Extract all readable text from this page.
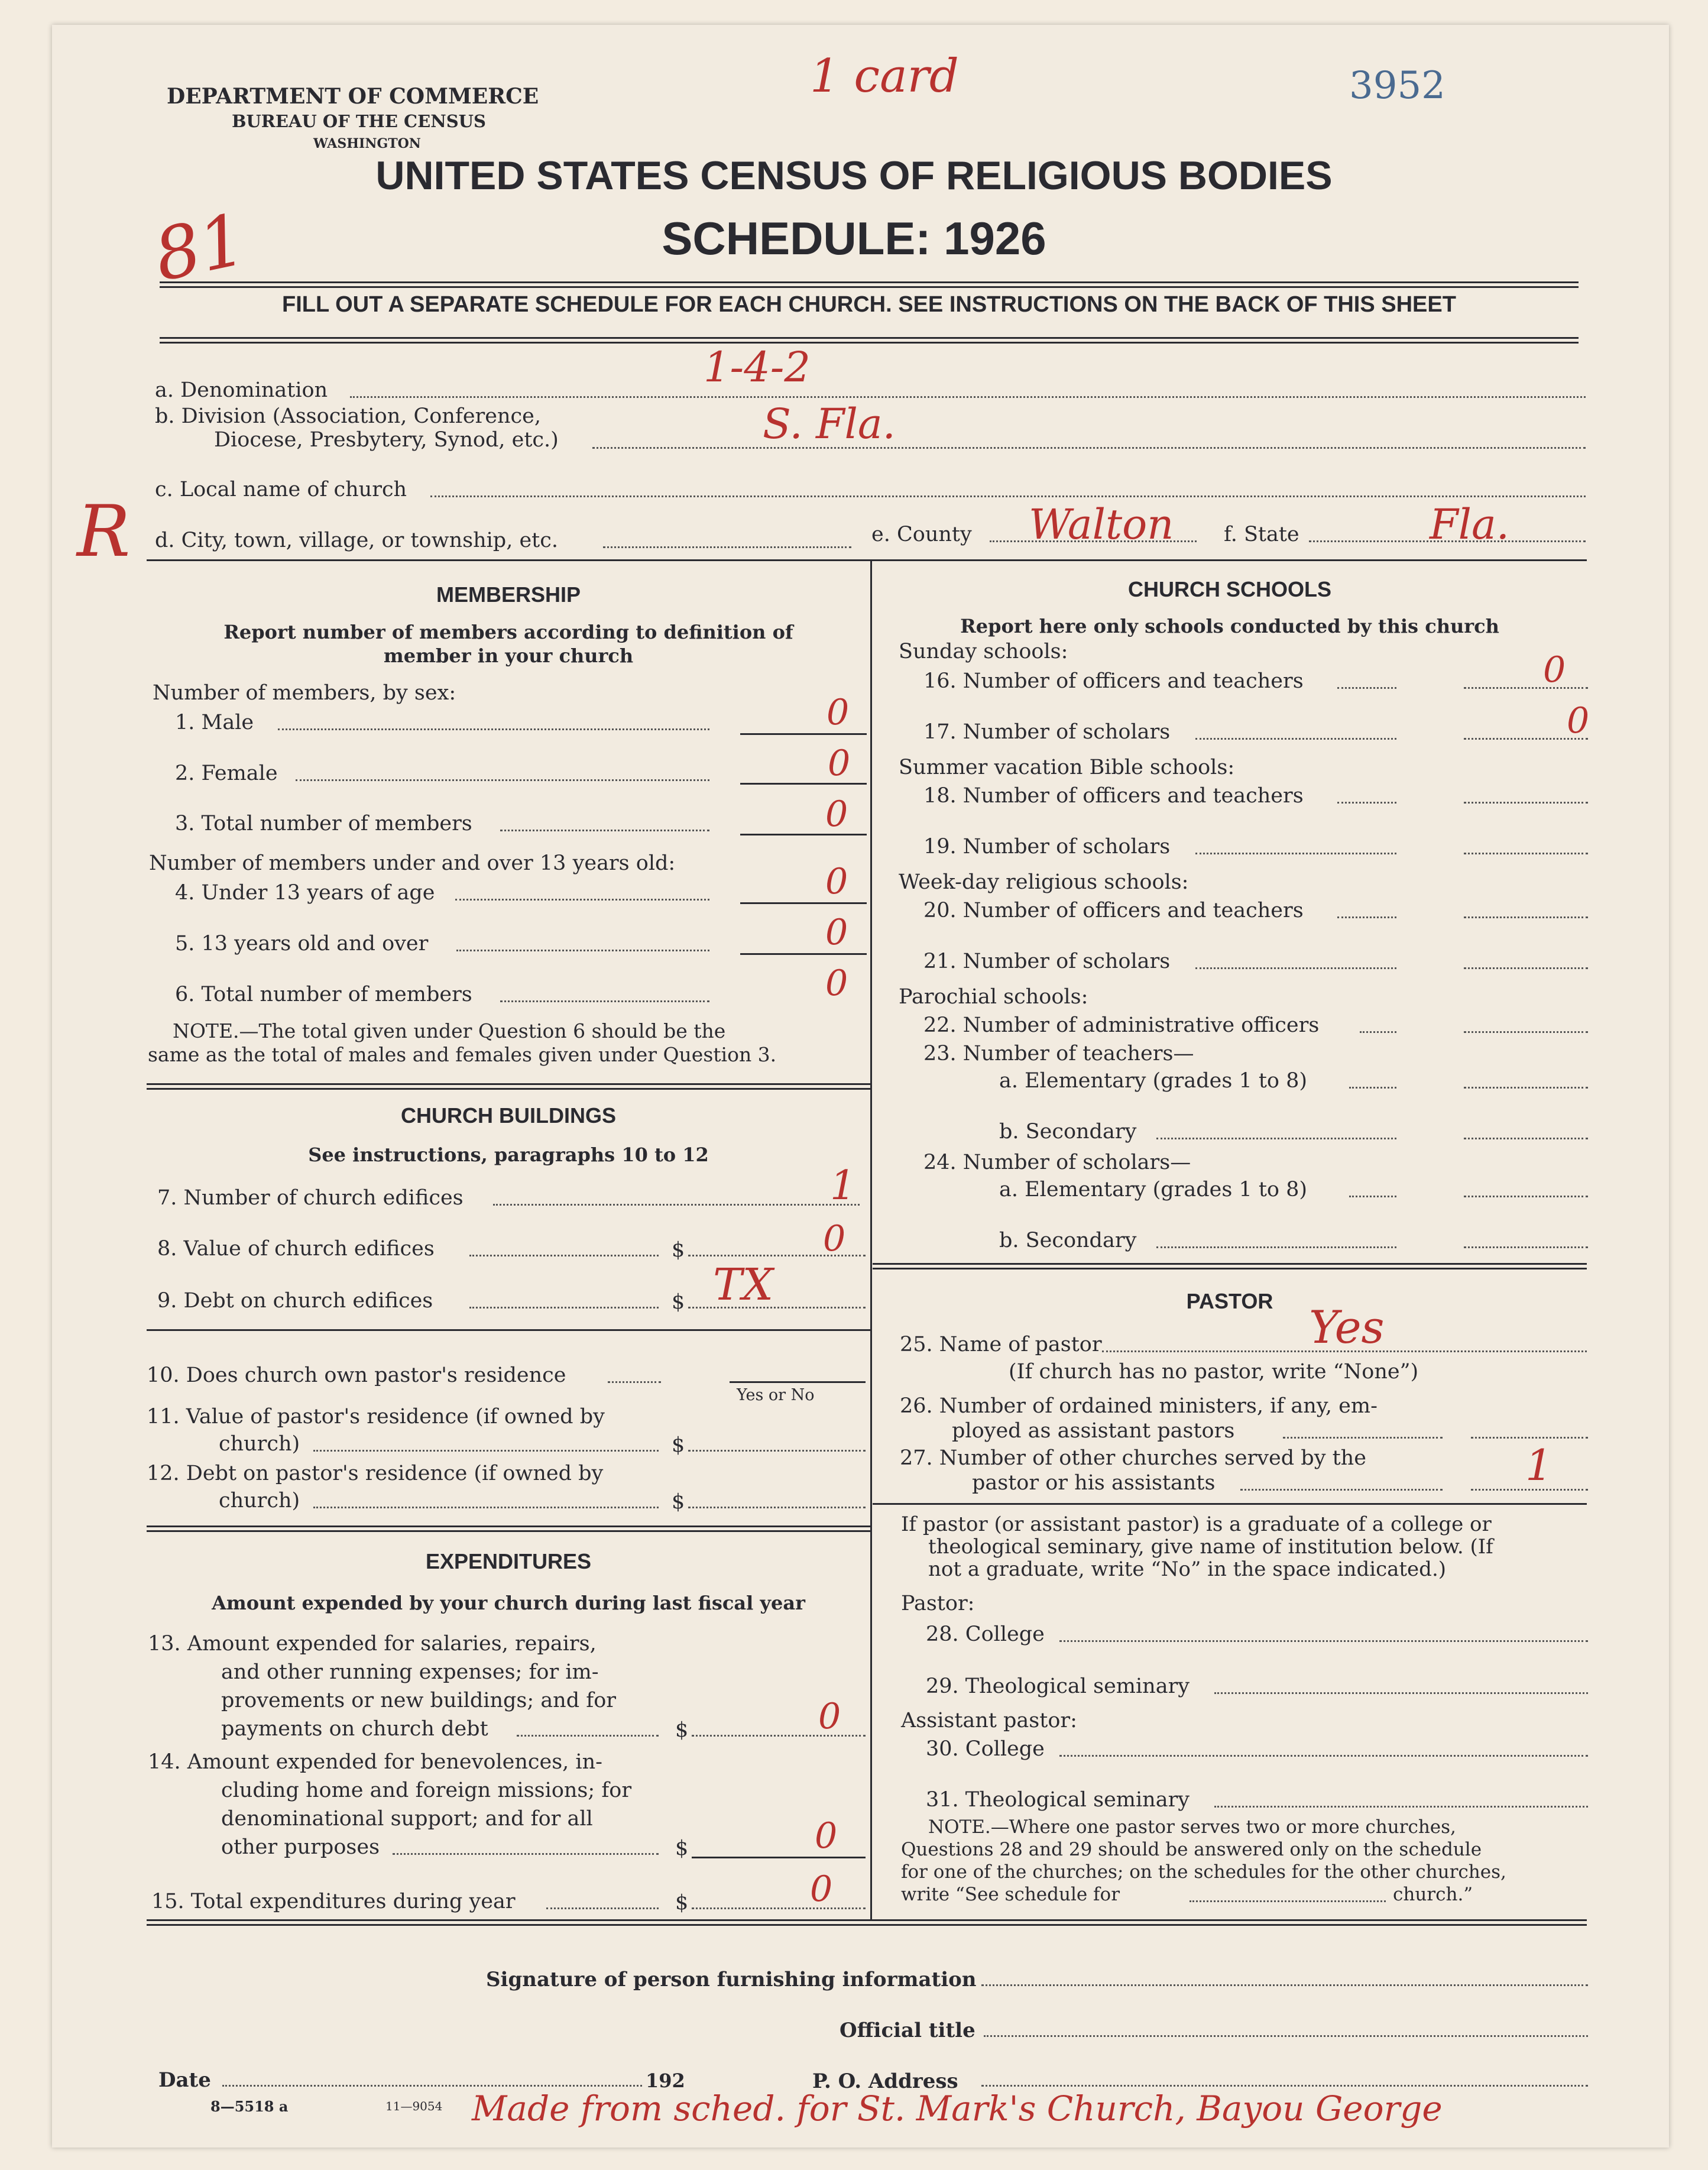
DEPARTMENT OF COMMERCE
BUREAU OF THE CENSUS
WASHINGTON
3952
1 card
81
UNITED STATES CENSUS OF RELIGIOUS BODIES
SCHEDULE: 1926
FILL OUT A SEPARATE SCHEDULE FOR EACH CHURCH. SEE INSTRUCTIONS ON THE BACK OF THIS SHEET
a. Denomination	1-4-2
b. Division (Association, Conference,
Diocese, Presbytery, Synod, etc.)	S. Fla.
c. Local name of church
R d. City, town, village, or township, etc.	e. County Walton f. State	Fla.
MEMBERSHIP
Report number of members according to definition of
member in your church
Number of members, by sex:
1. Male	0
2. Female	0
3. Total number of members	0
Number of members under and over 13 years old:
4. Under 13 years of age	0
5. 13 years old and over	0
6. Total number of members	0
NOTE.—The total given under Question 6 should be the
same as the total of males and females given under Question 3.
CHURCH BUILDINGS
See instructions, paragraphs 10 to 12
7. Number of church edifices	1
8. Value of church edifices	$	0
9. Debt on church edifices	$ TX
10. Does church own pastor's residence
Yes or No
11. Value of pastor's residence (if owned by
church)	$
12. Debt on pastor's residence (if owned by
church)	$
EXPENDITURES
Amount expended by your church during last fiscal year
13. Amount expended for salaries, repairs,
and other running expenses; for im-
provements or new buildings; and for
payments on church debt	$	0
14. Amount expended for benevolences, in-
cluding home and foreign missions; for
denominational support; and for all
other purposes	$	0
15. Total expenditures during year	$	0
CHURCH SCHOOLS
Report here only schools conducted by this church
Sunday schools:
16. Number of officers and teachers	0
17. Number of scholars	0
Summer vacation Bible schools:
18. Number of officers and teachers
19. Number of scholars
Week-day religious schools:
20. Number of officers and teachers
21. Number of scholars
Parochial schools:
22. Number of administrative officers
23. Number of teachers—
a. Elementary (grades 1 to 8)
b. Secondary
24. Number of scholars—
a. Elementary (grades 1 to 8)
b. Secondary
PASTOR
25. Name of pastor	Yes
(If church has no pastor, write “None”)
26. Number of ordained ministers, if any, em-
ployed as assistant pastors
27. Number of other churches served by the
pastor or his assistants	1
If pastor (or assistant pastor) is a graduate of a college or
theological seminary, give name of institution below. (If
not a graduate, write “No” in the space indicated.)
Pastor:
28. College
29. Theological seminary
Assistant pastor:
30. College
31. Theological seminary
NOTE.—Where one pastor serves two or more churches,
Questions 28 and 29 should be answered only on the schedule
for one of the churches; on the schedules for the other churches,
write “See schedule for	church.”
Signature of person furnishing information
Official title
Date	192	P. O. Address
8—5518 a	11—9054 Made from sched. for St. Mark's Church, Bayou George
